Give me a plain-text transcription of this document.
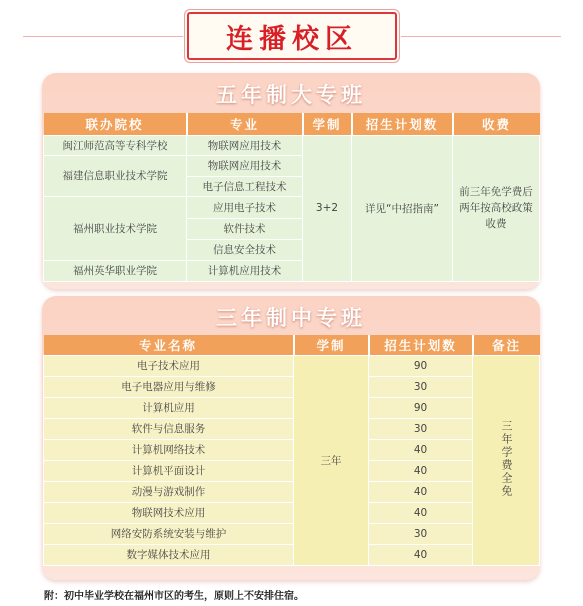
连播校区
五年制大专班
联办院校	专业	学制	招生计划数	收费
闽江师范高等专科学校	物联网应用技术	3+2	详见“中招指南”	前三年免学费后两年按高校政策收费
福建信息职业技术学院	物联网应用技术			
	电子信息工程技术			
福州职业技术学院	应用电子技术			
	软件技术			
	信息安全技术			
福州英华职业学院	计算机应用技术			
三年制中专班
专业名称	学制	招生计划数	备注
电子技术应用	三年	90	三年学费全免
电子电器应用与维修		30	
计算机应用		90	
软件与信息服务		30	
计算机网络技术		40	
计算机平面设计		40	
动漫与游戏制作		40	
物联网技术应用		40	
网络安防系统安装与维护		30	
数字媒体技术应用		40	
附：初中毕业学校在福州市区的考生，原则上不安排住宿。
